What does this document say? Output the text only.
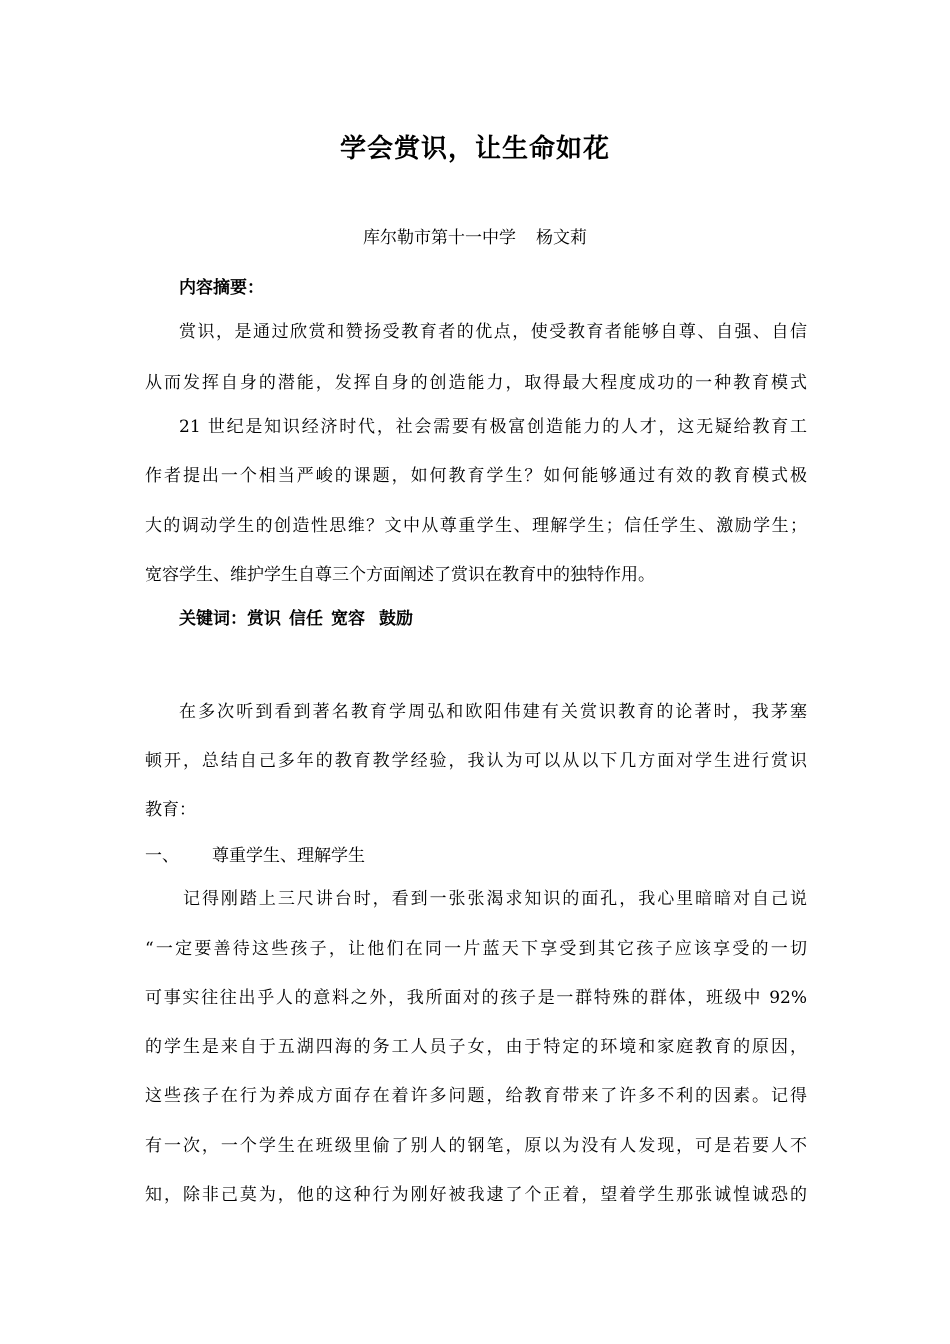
学会赏识，让生命如花
库尔勒市第十一中学 杨文莉
内容摘要：
赏识，是通过欣赏和赞扬受教育者的优点，使受教育者能够自尊、自强、自信
从而发挥自身的潜能，发挥自身的创造能力，取得最大程度成功的一种教育模式
21 世纪是知识经济时代，社会需要有极富创造能力的人才，这无疑给教育工
作者提出一个相当严峻的课题，如何教育学生？如何能够通过有效的教育模式极
大的调动学生的创造性思维？文中从尊重学生、理解学生；信任学生、激励学生；
宽容学生、维护学生自尊三个方面阐述了赏识在教育中的独特作用。
关键词：赏识 信任 宽容 鼓励
在多次听到看到著名教育学周弘和欧阳伟建有关赏识教育的论著时，我茅塞
顿开，总结自己多年的教育教学经验，我认为可以从以下几方面对学生进行赏识
教育：
一、 尊重学生、理解学生
记得刚踏上三尺讲台时，看到一张张渴求知识的面孔，我心里暗暗对自己说
“一定要善待这些孩子，让他们在同一片蓝天下享受到其它孩子应该享受的一切
可事实往往出乎人的意料之外，我所面对的孩子是一群特殊的群体，班级中 92%
的学生是来自于五湖四海的务工人员子女，由于特定的环境和家庭教育的原因，
这些孩子在行为养成方面存在着许多问题，给教育带来了许多不利的因素。记得
有一次，一个学生在班级里偷了别人的钢笔，原以为没有人发现，可是若要人不
知，除非己莫为，他的这种行为刚好被我逮了个正着，望着学生那张诚惶诚恐的
